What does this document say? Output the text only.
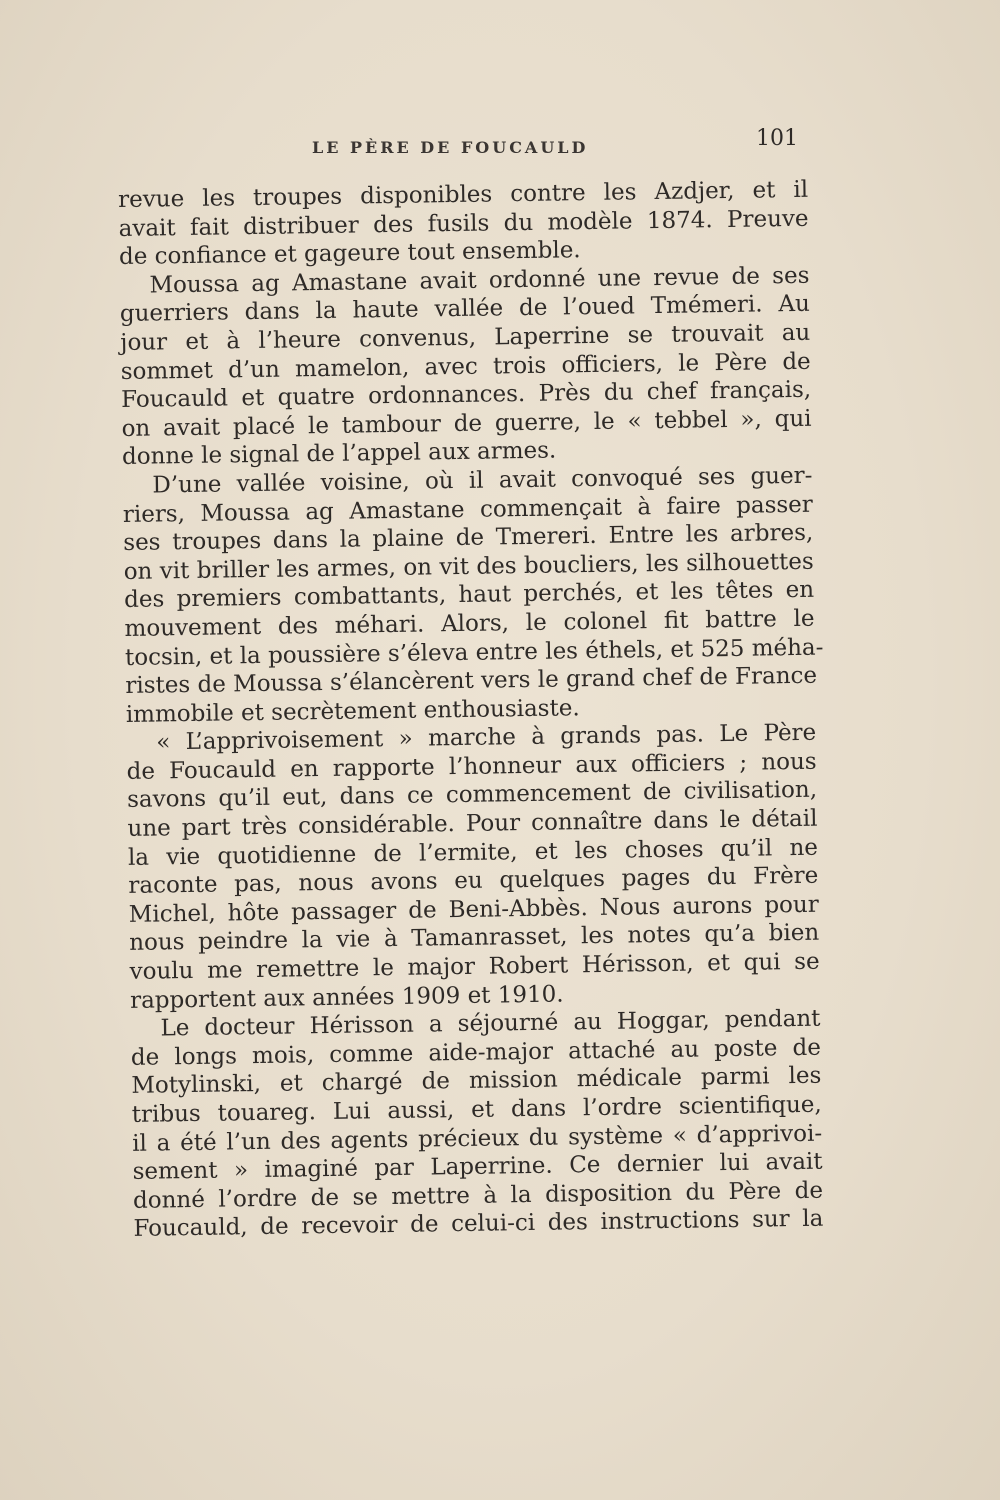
LE PÈRE DE FOUCAULD	101
revue les troupes disponibles contre les Azdjer, et il
avait fait distribuer des fusils du modèle 1874. Preuve
de confiance et gageure tout ensemble.
Moussa ag Amastane avait ordonné une revue de ses
guerriers dans la haute vallée de l’oued Tmémeri. Au
jour et à l’heure convenus, Laperrine se trouvait au
sommet d’un mamelon, avec trois officiers, le Père de
Foucauld et quatre ordonnances. Près du chef français,
on avait placé le tambour de guerre, le « tebbel », qui
donne le signal de l’appel aux armes.
D’une vallée voisine, où il avait convoqué ses guer-
riers, Moussa ag Amastane commençait à faire passer
ses troupes dans la plaine de Tmereri. Entre les arbres,
on vit briller les armes, on vit des boucliers, les silhouettes
des premiers combattants, haut perchés, et les têtes en
mouvement des méhari. Alors, le colonel fit battre le
tocsin, et la poussière s’éleva entre les éthels, et 525 méha-
ristes de Moussa s’élancèrent vers le grand chef de France
immobile et secrètement enthousiaste.
« L’apprivoisement » marche à grands pas. Le Père
de Foucauld en rapporte l’honneur aux officiers ; nous
savons qu’il eut, dans ce commencement de civilisation,
une part très considérable. Pour connaître dans le détail
la vie quotidienne de l’ermite, et les choses qu’il ne
raconte pas, nous avons eu quelques pages du Frère
Michel, hôte passager de Beni-Abbès. Nous aurons pour
nous peindre la vie à Tamanrasset, les notes qu’a bien
voulu me remettre le major Robert Hérisson, et qui se
rapportent aux années 1909 et 1910.
Le docteur Hérisson a séjourné au Hoggar, pendant
de longs mois, comme aide-major attaché au poste de
Motylinski, et chargé de mission médicale parmi les
tribus touareg. Lui aussi, et dans l’ordre scientifique,
il a été l’un des agents précieux du système « d’apprivoi-
sement » imaginé par Laperrine. Ce dernier lui avait
donné l’ordre de se mettre à la disposition du Père de
Foucauld, de recevoir de celui-ci des instructions sur la
